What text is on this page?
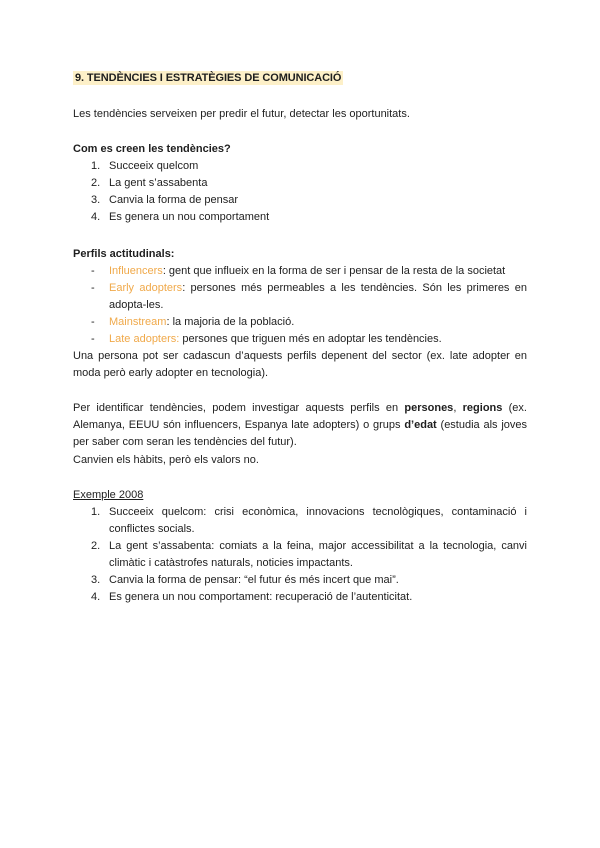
9. TENDÈNCIES I ESTRATÈGIES DE COMUNICACIÓ
Les tendències serveixen per predir el futur, detectar les oportunitats.
Com es creen les tendències?
1. Succeeix quelcom
2. La gent s’assabenta
3. Canvia la forma de pensar
4. Es genera un nou comportament
Perfils actitudinals:
- Influencers: gent que influeix en la forma de ser i pensar de la resta de la societat
- Early adopters: persones més permeables a les tendències. Són les primeres en adopta-les.
- Mainstream: la majoria de la població.
- Late adopters: persones que triguen més en adoptar les tendències.
Una persona pot ser cadascun d’aquests perfils depenent del sector (ex. late adopter en moda però early adopter en tecnologia).
Per identificar tendències, podem investigar aquests perfils en persones, regions (ex. Alemanya, EEUU són influencers, Espanya late adopters) o grups d’edat (estudia als joves per saber com seran les tendències del futur).
Canvien els hàbits, però els valors no.
Exemple 2008
1. Succeeix quelcom: crisi econòmica, innovacions tecnològiques, contaminació i conflictes socials.
2. La gent s’assabenta: comiats a la feina, major accessibilitat a la tecnologia, canvi climàtic i catàstrofes naturals, noticies impactants.
3. Canvia la forma de pensar: “el futur és més incert que mai”.
4. Es genera un nou comportament: recuperació de l’autenticitat.
